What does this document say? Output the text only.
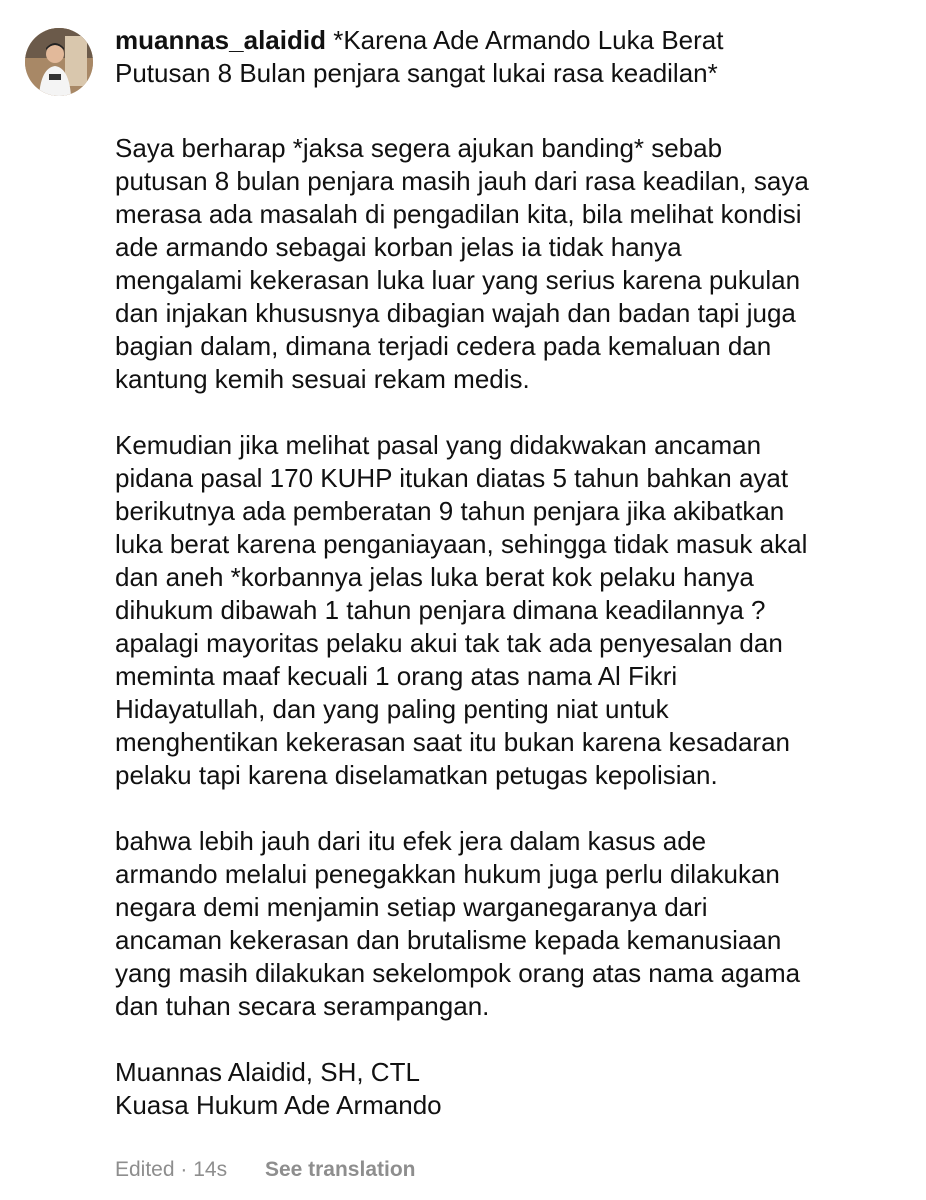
muannas_alaidid *Karena Ade Armando Luka Berat
Putusan 8 Bulan penjara sangat lukai rasa keadilan*

Saya berharap *jaksa segera ajukan banding* sebab
putusan 8 bulan penjara masih jauh dari rasa keadilan, saya
merasa ada masalah di pengadilan kita, bila melihat kondisi
ade armando sebagai korban jelas ia tidak hanya
mengalami kekerasan luka luar yang serius karena pukulan
dan injakan khususnya dibagian wajah dan badan tapi juga
bagian dalam, dimana terjadi cedera pada kemaluan dan
kantung kemih sesuai rekam medis.

Kemudian jika melihat pasal yang didakwakan ancaman
pidana pasal 170 KUHP itukan diatas 5 tahun bahkan ayat
berikutnya ada pemberatan 9 tahun penjara jika akibatkan
luka berat karena penganiayaan, sehingga tidak masuk akal
dan aneh *korbannya jelas luka berat kok pelaku hanya
dihukum dibawah 1 tahun penjara dimana keadilannya ?
apalagi mayoritas pelaku akui tak tak ada penyesalan dan
meminta maaf kecuali 1 orang atas nama Al Fikri
Hidayatullah, dan yang paling penting niat untuk
menghentikan kekerasan saat itu bukan karena kesadaran
pelaku tapi karena diselamatkan petugas kepolisian.

bahwa lebih jauh dari itu efek jera dalam kasus ade
armando melalui penegakkan hukum juga perlu dilakukan
negara demi menjamin setiap warganegaranya dari
ancaman kekerasan dan brutalisme kepada kemanusiaan
yang masih dilakukan sekelompok orang atas nama agama
dan tuhan secara serampangan.

Muannas Alaidid, SH, CTL
Kuasa Hukum Ade Armando

Edited · 14s See translation
